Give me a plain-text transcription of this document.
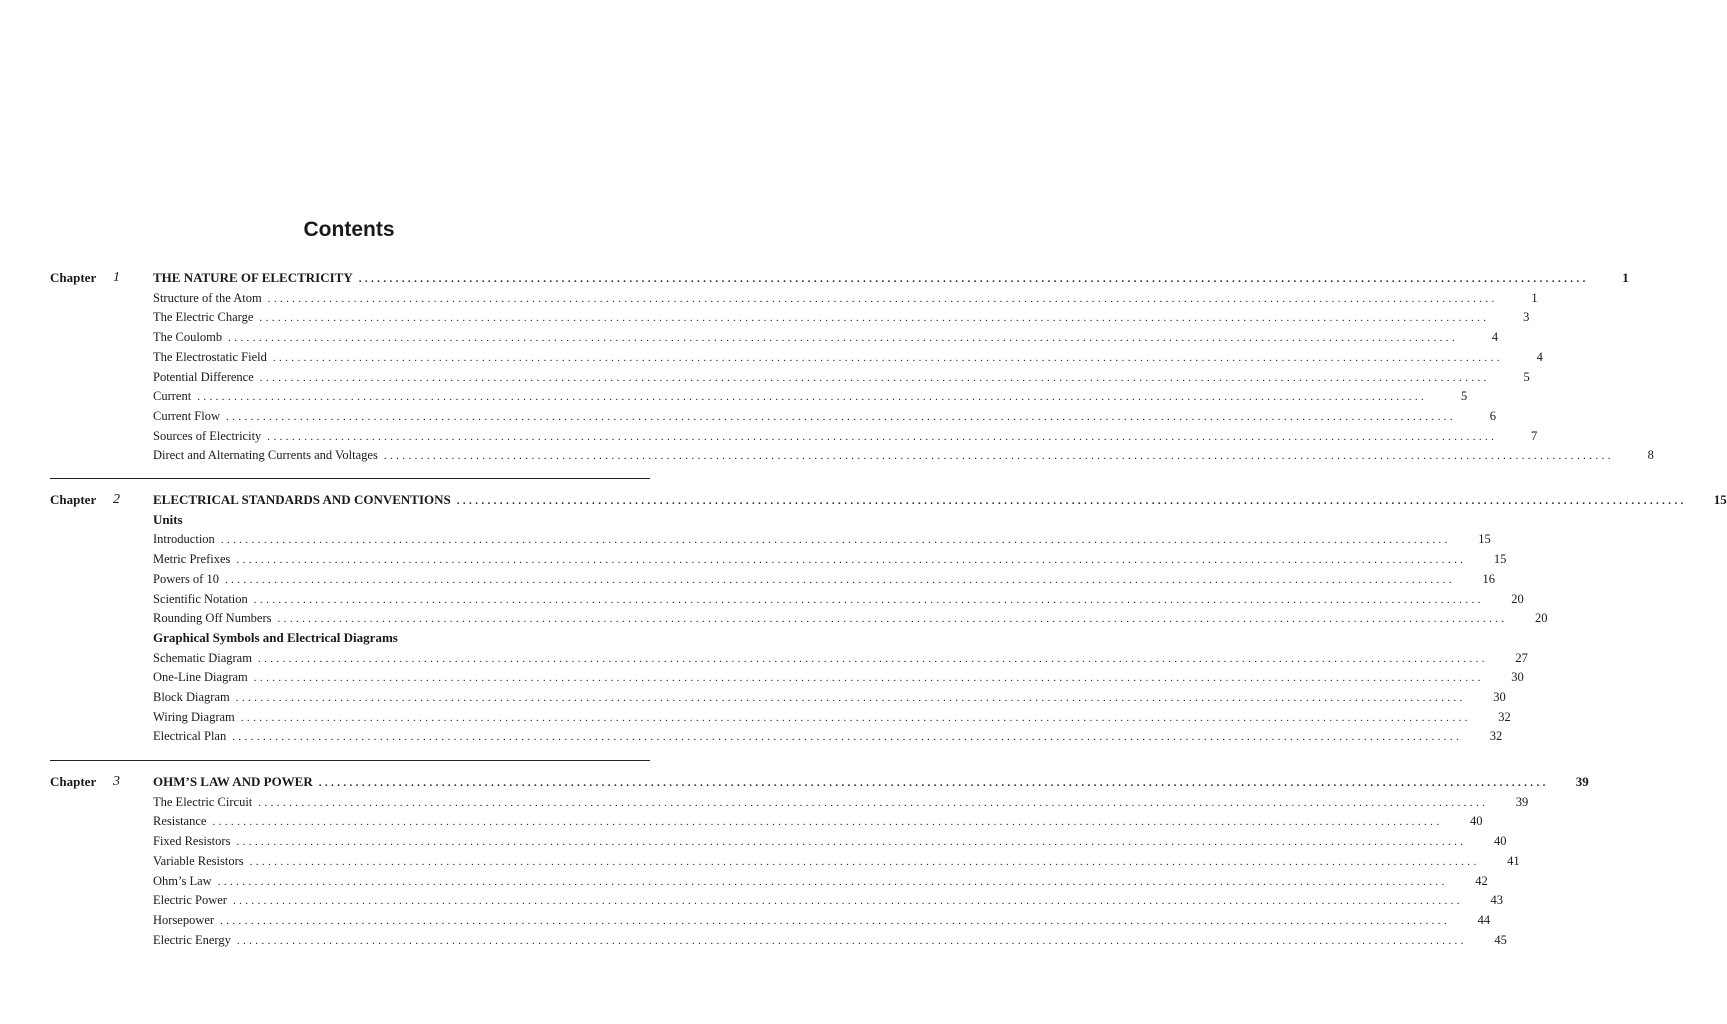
Contents
Chapter 1	THE NATURE OF ELECTRICITY ........................................................................................................................................................................................................	1
Structure of the Atom ........................................................................................................................................................................................................	1
The Electric Charge ........................................................................................................................................................................................................	3
The Coulomb ........................................................................................................................................................................................................	4
The Electrostatic Field ........................................................................................................................................................................................................	4
Potential Difference ........................................................................................................................................................................................................	5
Current ........................................................................................................................................................................................................	5
Current Flow ........................................................................................................................................................................................................	6
Sources of Electricity ........................................................................................................................................................................................................	7
Direct and Alternating Currents and Voltages ........................................................................................................................................................................................................	8
Chapter 2	ELECTRICAL STANDARDS AND CONVENTIONS ........................................................................................................................................................................................................	15
Units
Introduction ........................................................................................................................................................................................................	15
Metric Prefixes ........................................................................................................................................................................................................	15
Powers of 10 ........................................................................................................................................................................................................	16
Scientific Notation ........................................................................................................................................................................................................	20
Rounding Off Numbers ........................................................................................................................................................................................................	20
Graphical Symbols and Electrical Diagrams
Schematic Diagram ........................................................................................................................................................................................................	27
One-Line Diagram ........................................................................................................................................................................................................	30
Block Diagram ........................................................................................................................................................................................................	30
Wiring Diagram ........................................................................................................................................................................................................	32
Electrical Plan ........................................................................................................................................................................................................	32
Chapter 3	OHM’S LAW AND POWER ........................................................................................................................................................................................................	39
The Electric Circuit ........................................................................................................................................................................................................	39
Resistance ........................................................................................................................................................................................................	40
Fixed Resistors ........................................................................................................................................................................................................	40
Variable Resistors ........................................................................................................................................................................................................	41
Ohm’s Law ........................................................................................................................................................................................................	42
Electric Power ........................................................................................................................................................................................................	43
Horsepower ........................................................................................................................................................................................................	44
Electric Energy ........................................................................................................................................................................................................	45
